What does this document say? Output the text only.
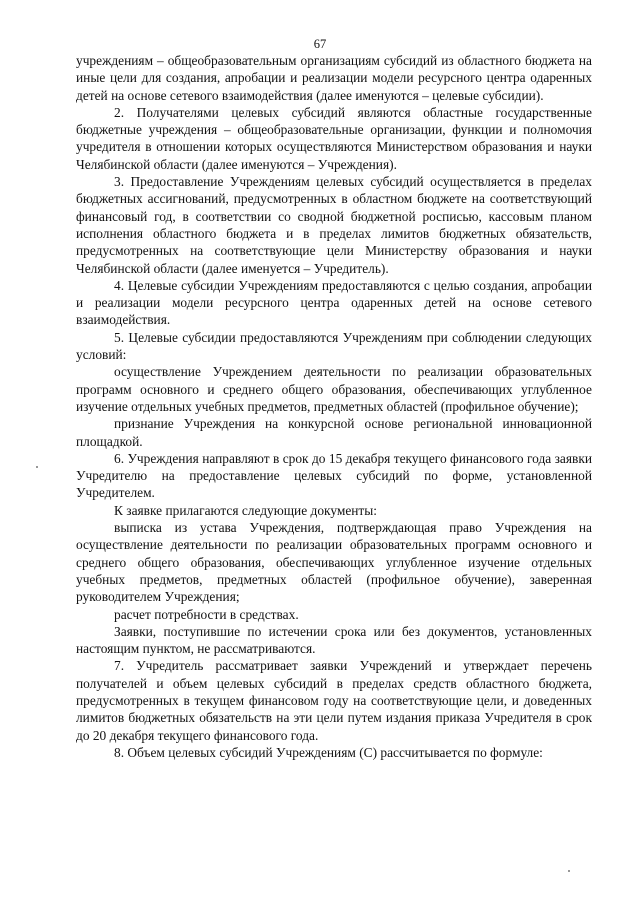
67

учреждениям – общеобразовательным организациям субсидий из областного бюджета на иные цели для создания, апробации и реализации модели ресурсного центра одаренных детей на основе сетевого взаимодействия (далее именуются – целевые субсидии).

2. Получателями целевых субсидий являются областные государственные бюджетные учреждения – общеобразовательные организации, функции и полномочия учредителя в отношении которых осуществляются Министерством образования и науки Челябинской области (далее именуются – Учреждения).

3. Предоставление Учреждениям целевых субсидий осуществляется в пределах бюджетных ассигнований, предусмотренных в областном бюджете на соответствующий финансовый год, в соответствии со сводной бюджетной росписью, кассовым планом исполнения областного бюджета и в пределах лимитов бюджетных обязательств, предусмотренных на соответствующие цели Министерству образования и науки Челябинской области (далее именуется – Учредитель).

4. Целевые субсидии Учреждениям предоставляются с целью создания, апробации и реализации модели ресурсного центра одаренных детей на основе сетевого взаимодействия.

5. Целевые субсидии предоставляются Учреждениям при соблюдении следующих условий:

осуществление Учреждением деятельности по реализации образовательных программ основного и среднего общего образования, обеспечивающих углубленное изучение отдельных учебных предметов, предметных областей (профильное обучение);

признание Учреждения на конкурсной основе региональной инновационной площадкой.

6. Учреждения направляют в срок до 15 декабря текущего финансового года заявки Учредителю на предоставление целевых субсидий по форме, установленной Учредителем.

К заявке прилагаются следующие документы:

выписка из устава Учреждения, подтверждающая право Учреждения на осуществление деятельности по реализации образовательных программ основного и среднего общего образования, обеспечивающих углубленное изучение отдельных учебных предметов, предметных областей (профильное обучение), заверенная руководителем Учреждения;

расчет потребности в средствах.

Заявки, поступившие по истечении срока или без документов, установленных настоящим пунктом, не рассматриваются.

7. Учредитель рассматривает заявки Учреждений и утверждает перечень получателей и объем целевых субсидий в пределах средств областного бюджета, предусмотренных в текущем финансовом году на соответствующие цели, и доведенных лимитов бюджетных обязательств на эти цели путем издания приказа Учредителя в срок до 20 декабря текущего финансового года.

8. Объем целевых субсидий Учреждениям (С) рассчитывается по формуле:
